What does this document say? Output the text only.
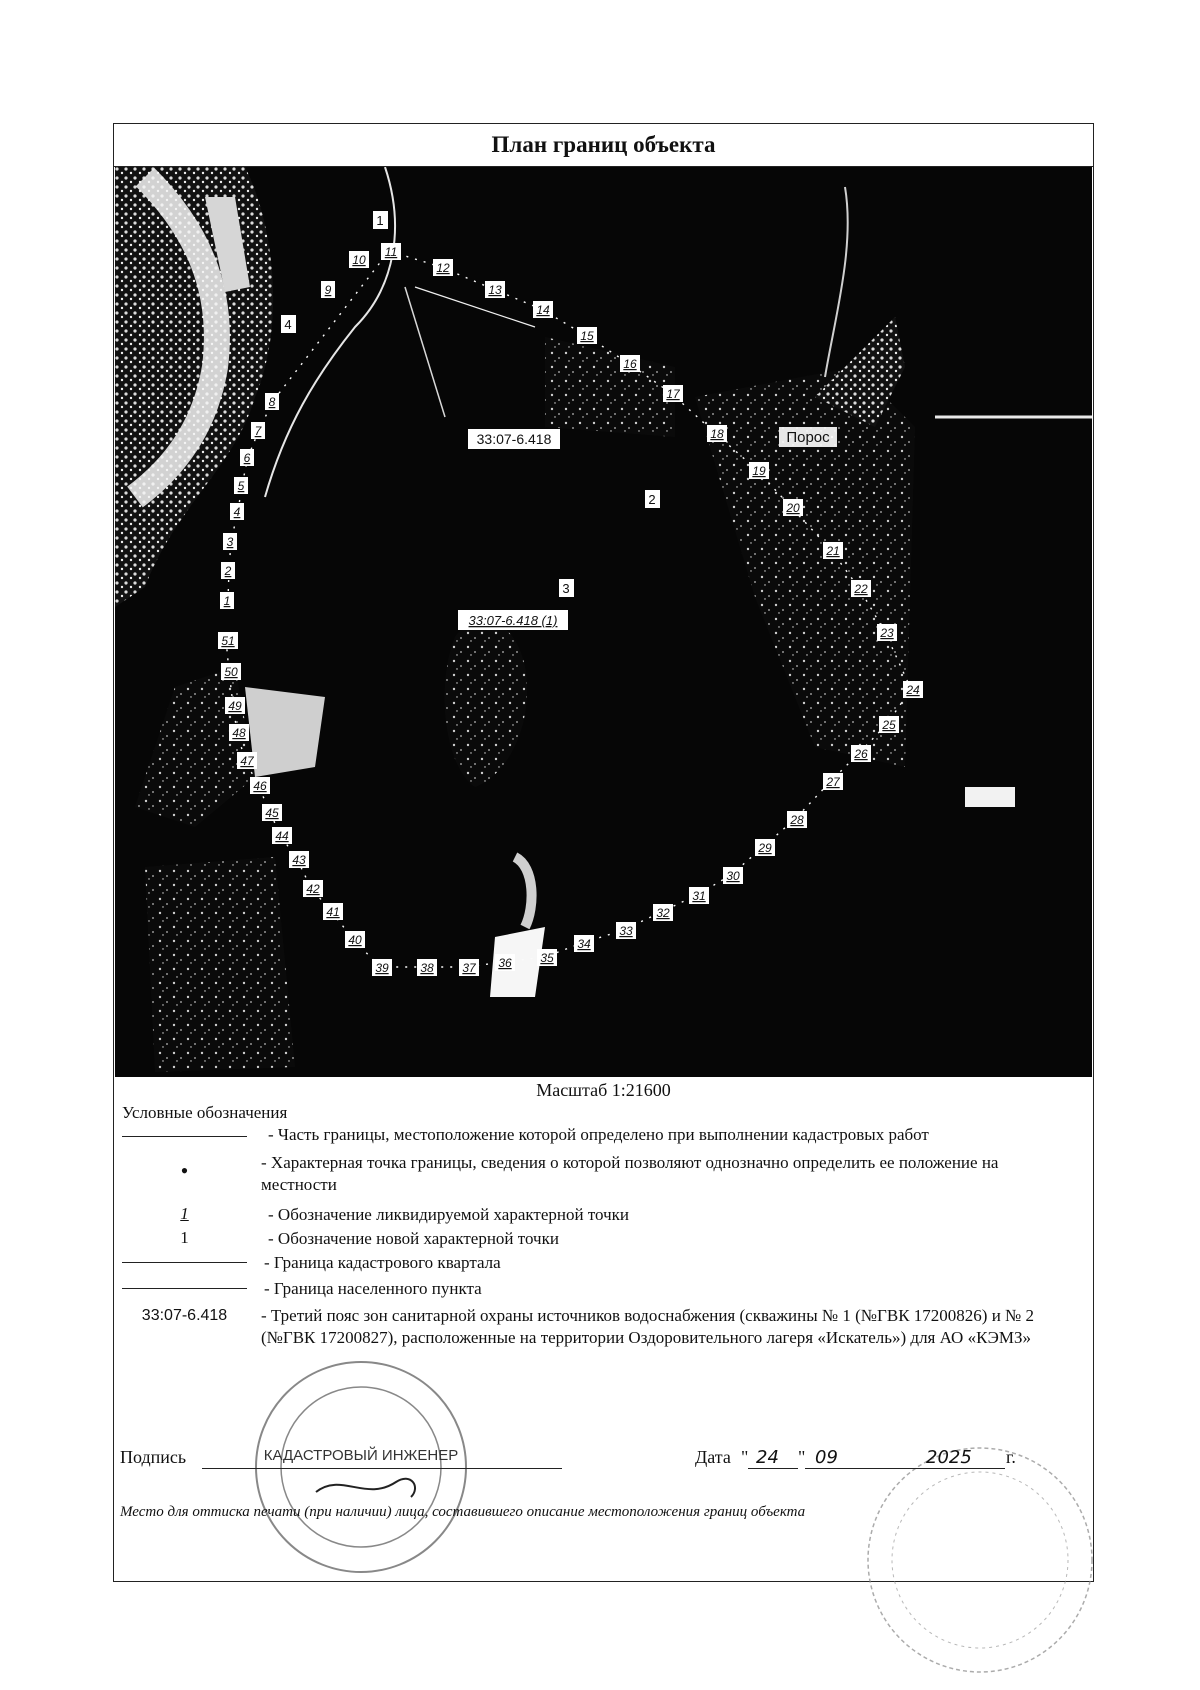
План границ объекта
1
2
3
4
5
6
7
8
9
10
11
12
13
14
15
16
17
18
19
20
21
22
23
24
25
26
27
28
29
30
31
32
33
34
35
36
37
38
39
40
41
42
43
44
45
46
47
48
49
50
51
33:07-6.418
33:07-6.418 (1)
1
2
3
4
Порос
Масштаб 1:21600
Условные обозначения
- Часть границы, местоположение которой определено при выполнении кадастровых работ
•	- Характерная точка границы, сведения о которой позволяют однозначно определить ее положение на местности
1	- Обозначение ликвидируемой характерной точки
1	- Обозначение новой характерной точки
- Граница кадастрового квартала
- Граница населенного пункта
33:07-6.418	- Третий пояс зон санитарной охраны источников водоснабжения (скважины № 1 (№ГВК 17200826) и № 2 (№ГВК 17200827), расположенные на территории Оздоровительного лагеря «Искатель») для АО «КЭМЗ»
КАДАСТРОВЫЙ ИНЖЕНЕР
Подпись	Дата " 24 " 09	2025 г.
Место для оттиска печати (при наличии) лица, составившего описание местоположения границ объекта
